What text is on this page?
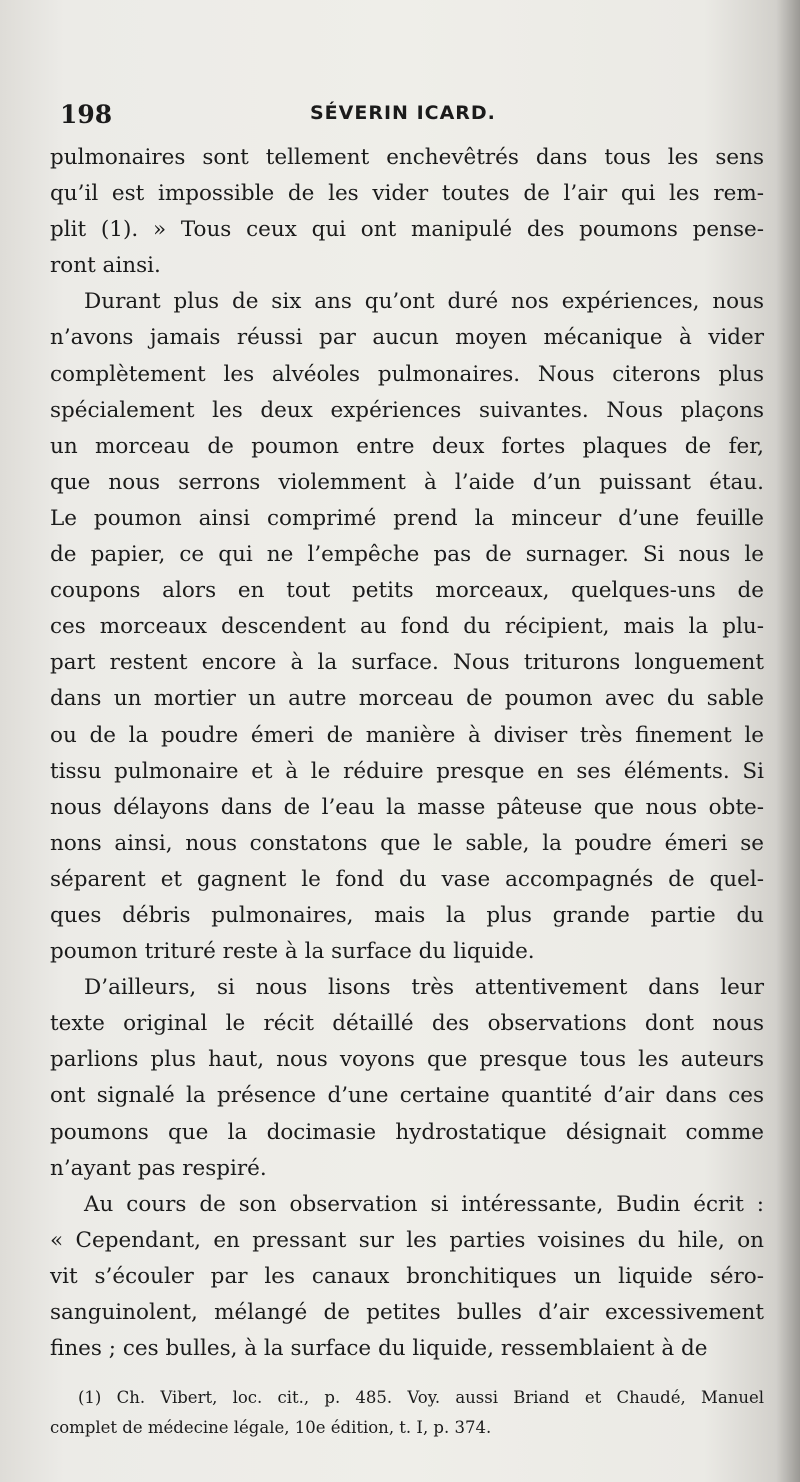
198	SÉVERIN ICARD.
pulmonaires sont tellement enchevêtrés dans tous les sens
qu’il est impossible de les vider toutes de l’air qui les rem-
plit (1). » Tous ceux qui ont manipulé des poumons pense-
ront ainsi.
Durant plus de six ans qu’ont duré nos expériences, nous
n’avons jamais réussi par aucun moyen mécanique à vider
complètement les alvéoles pulmonaires. Nous citerons plus
spécialement les deux expériences suivantes. Nous plaçons
un morceau de poumon entre deux fortes plaques de fer,
que nous serrons violemment à l’aide d’un puissant étau.
Le poumon ainsi comprimé prend la minceur d’une feuille
de papier, ce qui ne l’empêche pas de surnager. Si nous le
coupons alors en tout petits morceaux, quelques-uns de
ces morceaux descendent au fond du récipient, mais la plu-
part restent encore à la surface. Nous triturons longuement
dans un mortier un autre morceau de poumon avec du sable
ou de la poudre émeri de manière à diviser très finement le
tissu pulmonaire et à le réduire presque en ses éléments. Si
nous délayons dans de l’eau la masse pâteuse que nous obte-
nons ainsi, nous constatons que le sable, la poudre émeri se
séparent et gagnent le fond du vase accompagnés de quel-
ques débris pulmonaires, mais la plus grande partie du
poumon trituré reste à la surface du liquide.
D’ailleurs, si nous lisons très attentivement dans leur
texte original le récit détaillé des observations dont nous
parlions plus haut, nous voyons que presque tous les auteurs
ont signalé la présence d’une certaine quantité d’air dans ces
poumons que la docimasie hydrostatique désignait comme
n’ayant pas respiré.
Au cours de son observation si intéressante, Budin écrit :
« Cependant, en pressant sur les parties voisines du hile, on
vit s’écouler par les canaux bronchitiques un liquide séro-
sanguinolent, mélangé de petites bulles d’air excessivement
fines ; ces bulles, à la surface du liquide, ressemblaient à de
(1) Ch. Vibert, loc. cit., p. 485. Voy. aussi Briand et Chaudé, Manuel
complet de médecine légale, 10e édition, t. I, p. 374.
